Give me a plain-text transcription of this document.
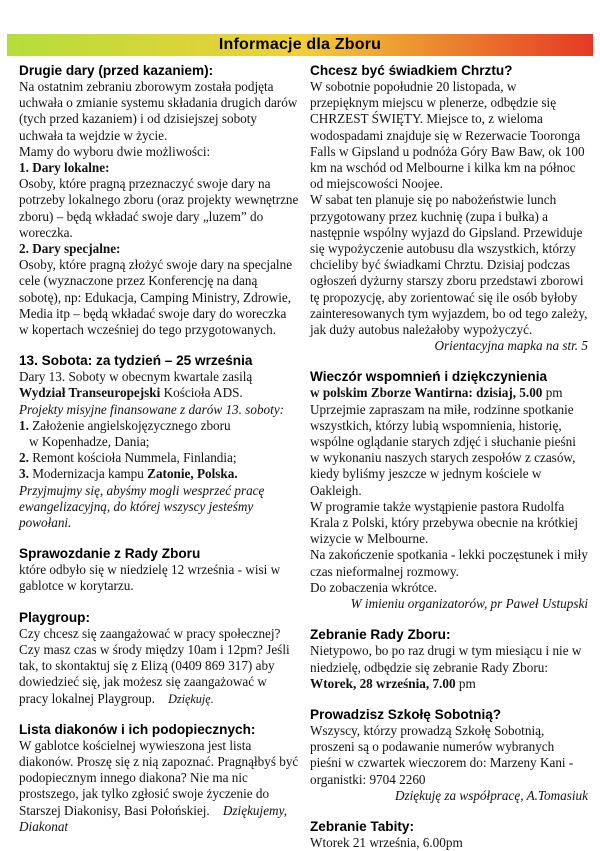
Informacje dla Zboru
Drugie dary (przed kazaniem):

Na ostatnim zebraniu zborowym została podjęta uchwała o zmianie systemu składania drugich darów (tych przed kazaniem) i od dzisiejszej soboty uchwała ta wejdzie w życie.

Mamy do wyboru dwie możliwości:

1. Dary lokalne:

Osoby, które pragną przeznaczyć swoje dary na potrzeby lokalnego zboru (oraz projekty wewnętrzne zboru) – będą wkładać swoje dary „luzem” do woreczka.

2. Dary specjalne:

Osoby, które pragną złożyć swoje dary na specjalne cele (wyznaczone przez Konferencję na daną sobotę), np: Edukacja, Camping Ministry, Zdrowie, Media itp – będą wkładać swoje dary do woreczka w kopertach wcześniej do tego przygotowanych.

13. Sobota: za tydzień – 25 września

Dary 13. Soboty w obecnym kwartale zasilą

Wydział Transeuropejski Kościoła ADS.

Projekty misyjne finansowane z darów 13. soboty:

1. Założenie angielskojęzycznego zboru

w Kopenhadze, Dania;

2. Remont kościoła Nummela, Finlandia;

3. Modernizacja kampu Zatonie, Polska.

Przyjmujmy się, abyśmy mogli wesprzeć pracę ewangelizacyjną, do której wszyscy jesteśmy powołani.

Sprawozdanie z Rady Zboru

które odbyło się w niedzielę 12 września - wisi w gablotce w korytarzu.

Playgroup:

Czy chcesz się zaangażować w pracy społecznej? Czy masz czas w środy między 10am i 12pm? Jeśli tak, to skontaktuj się z Elizą (0409 869 317) aby dowiedzieć się, jak możesz się zaangażować w pracy lokalnej Playgroup. Dziękuję.

Lista diakonów i ich podopiecznych:

W gablotce kościelnej wywieszona jest lista diakonów. Proszę się z nią zapoznać. Pragnąłbyś być podopiecznym innego diakona? Nie ma nic prostszego, jak tylko zgłosić swoje życzenie do Starszej Diakonisy, Basi Połońskiej. Dziękujemy, Diakonat

Chcesz być świadkiem Chrztu?

W sobotnie popołudnie 20 listopada, w przepięknym miejscu w plenerze, odbędzie się CHRZEST ŚWIĘTY. Miejsce to, z wieloma wodospadami znajduje się w Rezerwacie Tooronga Falls w Gipsland u podnóża Góry Baw Baw, ok 100 km na wschód od Melbourne i kilka km na północ od miejscowości Noojee.

W sabat ten planuje się po nabożeństwie lunch przygotowany przez kuchnię (zupa i bułka) a następnie wspólny wyjazd do Gipsland. Przewiduje się wypożyczenie autobusu dla wszystkich, którzy chcieliby być świadkami Chrztu. Dzisiaj podczas ogłoszeń dyżurny starszy zboru przedstawi zborowi tę propozycję, aby zorientować się ile osób byłoby zainteresowanych tym wyjazdem, bo od tego zależy, jak duży autobus należałoby wypożyczyć.

Orientacyjna mapka na str. 5

Wieczór wspomnień i dziękczynienia

w polskim Zborze Wantirna: dzisiaj, 5.00 pm

Uprzejmie zapraszam na miłe, rodzinne spotkanie wszystkich, którzy lubią wspomnienia, historię, wspólne oglądanie starych zdjęć i słuchanie pieśni w wykonaniu naszych starych zespołów z czasów, kiedy byliśmy jeszcze w jednym kościele w Oakleigh.

W programie także wystąpienie pastora Rudolfa Krala z Polski, który przebywa obecnie na krótkiej wizycie w Melbourne.

Na zakończenie spotkania - lekki poczęstunek i miły czas nieformalnej rozmowy.

Do zobaczenia wkrótce.

W imieniu organizatorów, pr Paweł Ustupski

Zebranie Rady Zboru:

Nietypowo, bo po raz drugi w tym miesiącu i nie w niedzielę, odbędzie się zebranie Rady Zboru: Wtorek, 28 września, 7.00 pm

Prowadzisz Szkołę Sobotnią?

Wszyscy, którzy prowadzą Szkołę Sobotnią, proszeni są o podawanie numerów wybranych pieśni w czwartek wieczorem do: Marzeny Kani - organistki: 9704 2260

Dziękuję za współpracę, A.Tomasiuk

Zebranie Tabity:

Wtorek 21 września, 6.00pm
